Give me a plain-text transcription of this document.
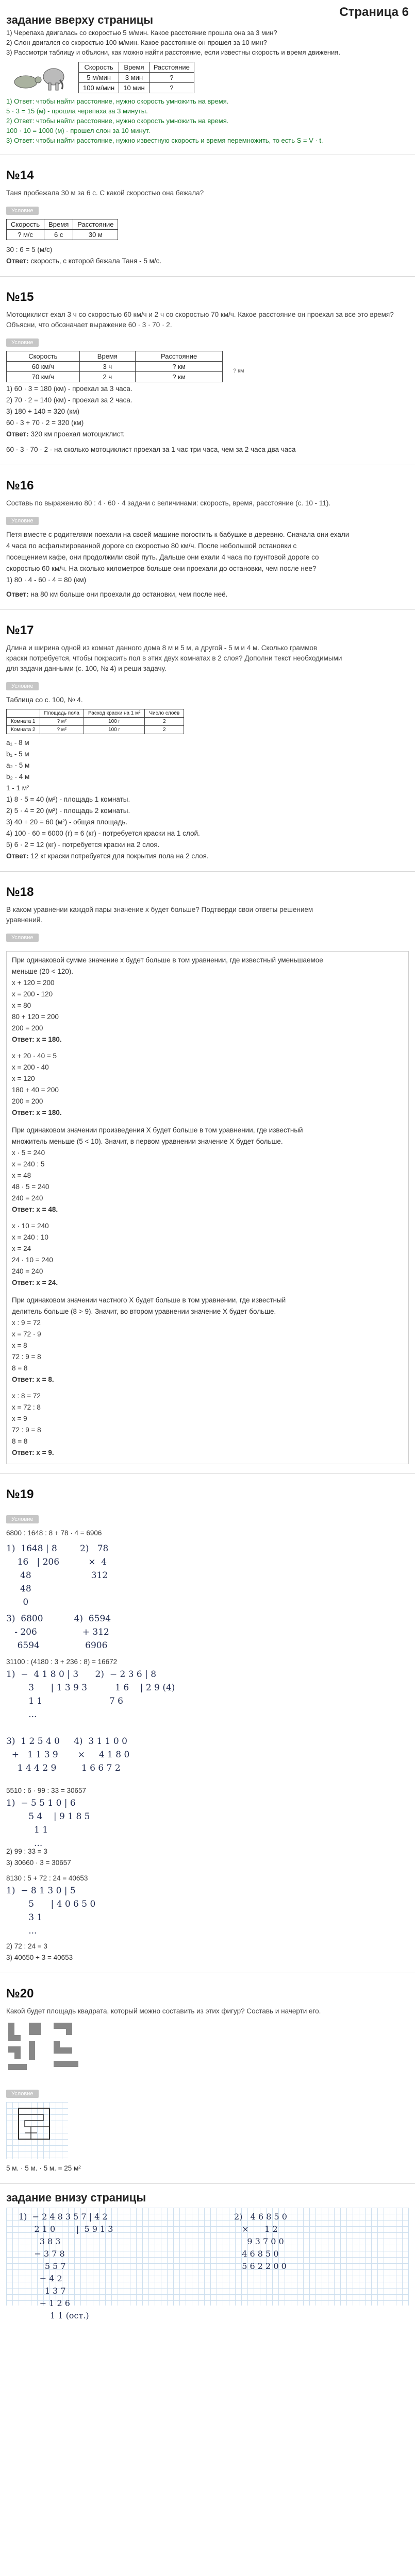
задание вверху страницы
Страница 6
1) Черепаха двигалась со скоростью 5 м/мин. Какое расстояние прошла она за 3 мин?
2) Слон двигался со скоростью 100 м/мин. Какое расстояние он прошел за 10 мин?
3) Рассмотри таблицу и объясни, как можно найти расстояние, если известны скорость и время движения.
Скорость	Время	Расстояние
5 м/мин	3 мин	?
100 м/мин	10 мин	?
1) Ответ: чтобы найти расстояние, нужно скорость умножить на время.
5 · 3 = 15 (м) - прошла черепаха за 3 минуты.
2) Ответ: чтобы найти расстояние, нужно скорость умножить на время.
100 · 10 = 1000 (м) - прошел слон за 10 минут.
3) Ответ: чтобы найти расстояние, нужно известную скорость и время перемножить, то есть S = V · t.
№14
Таня пробежала 30 м за 6 с. С какой скоростью она бежала?
Условие
Скорость	Время	Расстояние
? м/с	6 с	30 м
30 : 6 = 5 (м/с)
Ответ: скорость, с которой бежала Таня - 5 м/с.
№15
Мотоциклист ехал 3 ч со скоростью 60 км/ч и 2 ч со скоростью 70 км/ч. Какое расстояние он проехал за все это время? Объясни, что обозначает выражение 60 · 3 · 70 · 2.
Условие
Скорость	Время	Расстояние
60 км/ч	3 ч	? км
70 км/ч	2 ч	? км
? км
1) 60 · 3 = 180 (км) - проехал за 3 часа.
2) 70 · 2 = 140 (км) - проехал за 2 часа.
3) 180 + 140 = 320 (км)
60 · 3 + 70 · 2 = 320 (км)
Ответ: 320 км проехал мотоциклист.
60 · 3 · 70 · 2 - на сколько мотоциклист проехал за 1 час три часа, чем за 2 часа два часа
№16
Составь по выражению 80 : 4 · 60 · 4 задачи с величинами: скорость, время, расстояние (с. 10 - 11).
Условие
Петя вместе с родителями поехали на своей машине погостить к бабушке в деревню. Сначала они ехали
4 часа по асфальтированной дороге со скоростью 80 км/ч. После небольшой остановки с
посещением кафе, они продолжили свой путь. Дальше они ехали 4 часа по грунтовой дороге со
скоростью 60 км/ч. На сколько километров больше они проехали до остановки, чем после нее?
1) 80 · 4 - 60 · 4 = 80 (км)
Ответ: на 80 км больше они проехали до остановки, чем после неё.
№17
Длина и ширина одной из комнат данного дома 8 м и 5 м, а другой - 5 м и 4 м. Сколько граммов
краски потребуется, чтобы покрасить пол в этих двух комнатах в 2 слоя? Дополни текст необходимыми
для задачи данными (с. 100, № 4) и реши задачу.
Условие
Таблица со с. 100, № 4.
	Площадь пола	Расход краски на 1 м²	Число слоёв
Комната 1	? м²	100 г	2
Комната 2	? м²	100 г	2
a₁ - 8 м
b₁ - 5 м
a₂ - 5 м
b₂ - 4 м
1 - 1 м²
1) 8 · 5 = 40 (м²) - площадь 1 комнаты.
2) 5 · 4 = 20 (м²) - площадь 2 комнаты.
3) 40 + 20 = 60 (м²) - общая площадь.
4) 100 · 60 = 6000 (г) = 6 (кг) - потребуется краски на 1 слой.
5) 6 · 2 = 12 (кг) - потребуется краски на 2 слоя.
Ответ: 12 кг краски потребуется для покрытия пола на 2 слоя.
№18
В каком уравнении каждой пары значение x будет больше? Подтверди свои ответы решением
уравнений.
Условие
При одинаковой сумме значение x будет больше в том уравнении, где известный уменьшаемое
меньше (20 < 120).
x + 120 = 200
x = 200 - 120
x = 80
80 + 120 = 200
200 = 200
Ответ: x = 180.
x + 20 · 40 = 5
x = 200 - 40
x = 120
180 + 40 = 200
200 = 200
Ответ: x = 180.
При одинаковом значении произведения X будет больше в том уравнении, где известный
множитель меньше (5 < 10). Значит, в первом уравнении значение X будет больше.
x · 5 = 240
x = 240 : 5
x = 48
48 · 5 = 240
240 = 240
Ответ: x = 48.
x · 10 = 240
x = 240 : 10
x = 24
24 · 10 = 240
240 = 240
Ответ: x = 24.
При одинаковом значении частного X будет больше в том уравнении, где известный
делитель больше (8 > 9). Значит, во втором уравнении значение X будет больше.
x : 9 = 72
x = 72 · 9
x = 8
72 : 9 = 8
8 = 8
Ответ: x = 8.
x : 8 = 72
x = 72 : 8
x = 9
72 : 9 = 8
8 = 8
Ответ: x = 9.
№19
Условие
6800 : 1648 : 8 + 78 · 4 = 6906
1)  1648 | 8
16   | 206
48
48
0
2)   78
×  4
312
3)  6800
- 206
6594
4)  6594
+ 312
6906
31100 : (4180 : 3 + 236 : 8) = 16672
1)  −  4 1 8 0 | 3      2)  − 2 3 6 | 8
3      | 1 3 9 3          1 6    | 2 9 (4)
1 1                        7 6
...

3)  1 2 5 4 0     4)  3 1 1 0 0
+   1 1 3 9       ×     4 1 8 0
1 4 4 2 9         1 6 6 7 2
5510 : 6 · 99 : 33 = 30657
1)  − 5 5 1 0 | 6
5 4    | 9 1 8 5
1 1
...
2) 99 : 33 = 3
3) 30660 · 3 = 30657
8130 : 5 + 72 : 24 = 40653
1)  − 8 1 3 0 | 5
5      | 4 0 6 5 0
3 1
...
2) 72 : 24 = 3
3) 40650 + 3 = 40653
№20
Какой будет площадь квадрата, который можно составить из этих фигур? Составь и начерти его.
Условие
5 м. · 5 м. · 5 м. = 25 м²
задание внизу страницы
1)  − 2 4 8 3 5 7 | 4 2
2 1 0        |  5 9 1 3
3 8 3
− 3 7 8
5 5 7
− 4 2
1 3 7
− 1 2 6
1 1 (ост.)
2)   4 6 8 5 0
×      1 2
9 3 7 0 0
4 6 8 5 0
5 6 2 2 0 0
